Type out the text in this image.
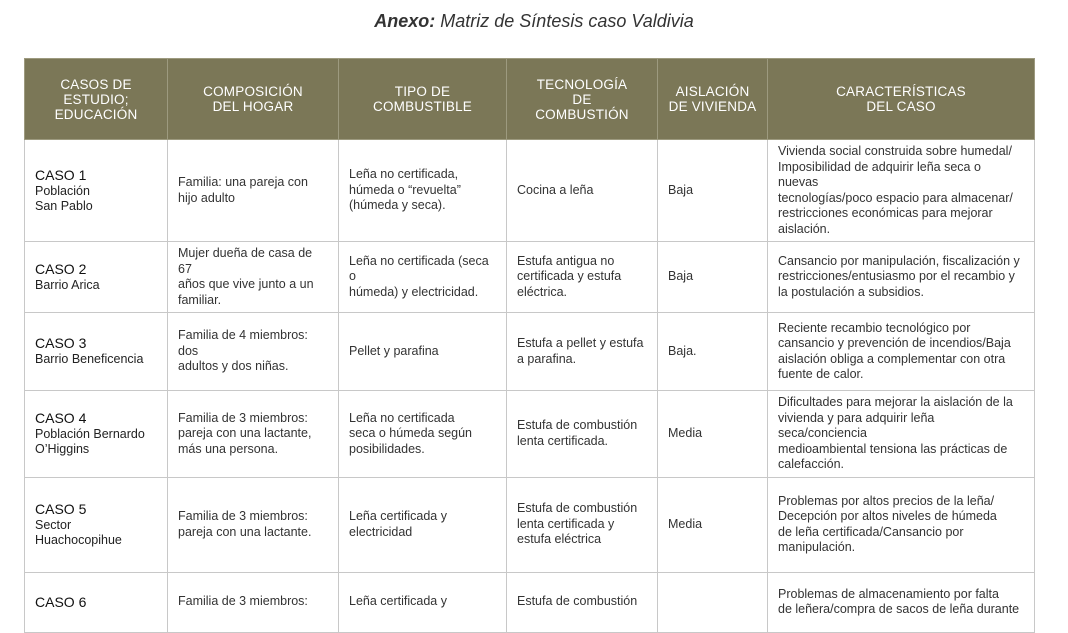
Anexo: Matriz de Síntesis caso Valdivia
CASOS DE ESTUDIO;
EDUCACIÓN	COMPOSICIÓN
DEL HOGAR	TIPO DE
COMBUSTIBLE	TECNOLOGÍA
DE
COMBUSTIÓN	AISLACIÓN
DE VIVIENDA	CARACTERÍSTICAS
DEL CASO

CASO 1
Población
San Pablo	Familia: una pareja con
hijo adulto	Leña no certificada,
húmeda o “revuelta”
(húmeda y seca).	Cocina a leña	Baja	Vivienda social construida sobre humedal/
Imposibilidad de adquirir leña seca o nuevas
tecnologías/poco espacio para almacenar/
restricciones económicas para mejorar
aislación.

CASO 2
Barrio Arica	Mujer dueña de casa de 67
años que vive junto a un
familiar.	Leña no certificada (seca o
húmeda) y electricidad.	Estufa antigua no
certificada y estufa
eléctrica.	Baja	Cansancio por manipulación, fiscalización y
restricciones/entusiasmo por el recambio y
la postulación a subsidios.

CASO 3
Barrio Beneficencia	Familia de 4 miembros: dos
adultos y dos niñas.	Pellet y parafina	Estufa a pellet y estufa
a parafina.	Baja.	Reciente recambio tecnológico por
cansancio y prevención de incendios/Baja
aislación obliga a complementar con otra
fuente de calor.

CASO 4
Población Bernardo
O’Higgins	Familia de 3 miembros:
pareja con una lactante,
más una persona.	Leña no certificada
seca o húmeda según
posibilidades.	Estufa de combustión
lenta certificada.	Media	Dificultades para mejorar la aislación de la
vivienda y para adquirir leña seca/conciencia
medioambiental tensiona las prácticas de
calefacción.

CASO 5
Sector
Huachocopihue	Familia de 3 miembros:
pareja con una lactante.	Leña certificada y
electricidad	Estufa de combustión
lenta certificada y
estufa eléctrica	Media	Problemas por altos precios de la leña/
Decepción por altos niveles de húmeda
de leña certificada/Cansancio por
manipulación.

CASO 6	Familia de 3 miembros:	Leña certificada y	Estufa de combustión		Problemas de almacenamiento por falta
de leñera/compra de sacos de leña durante
